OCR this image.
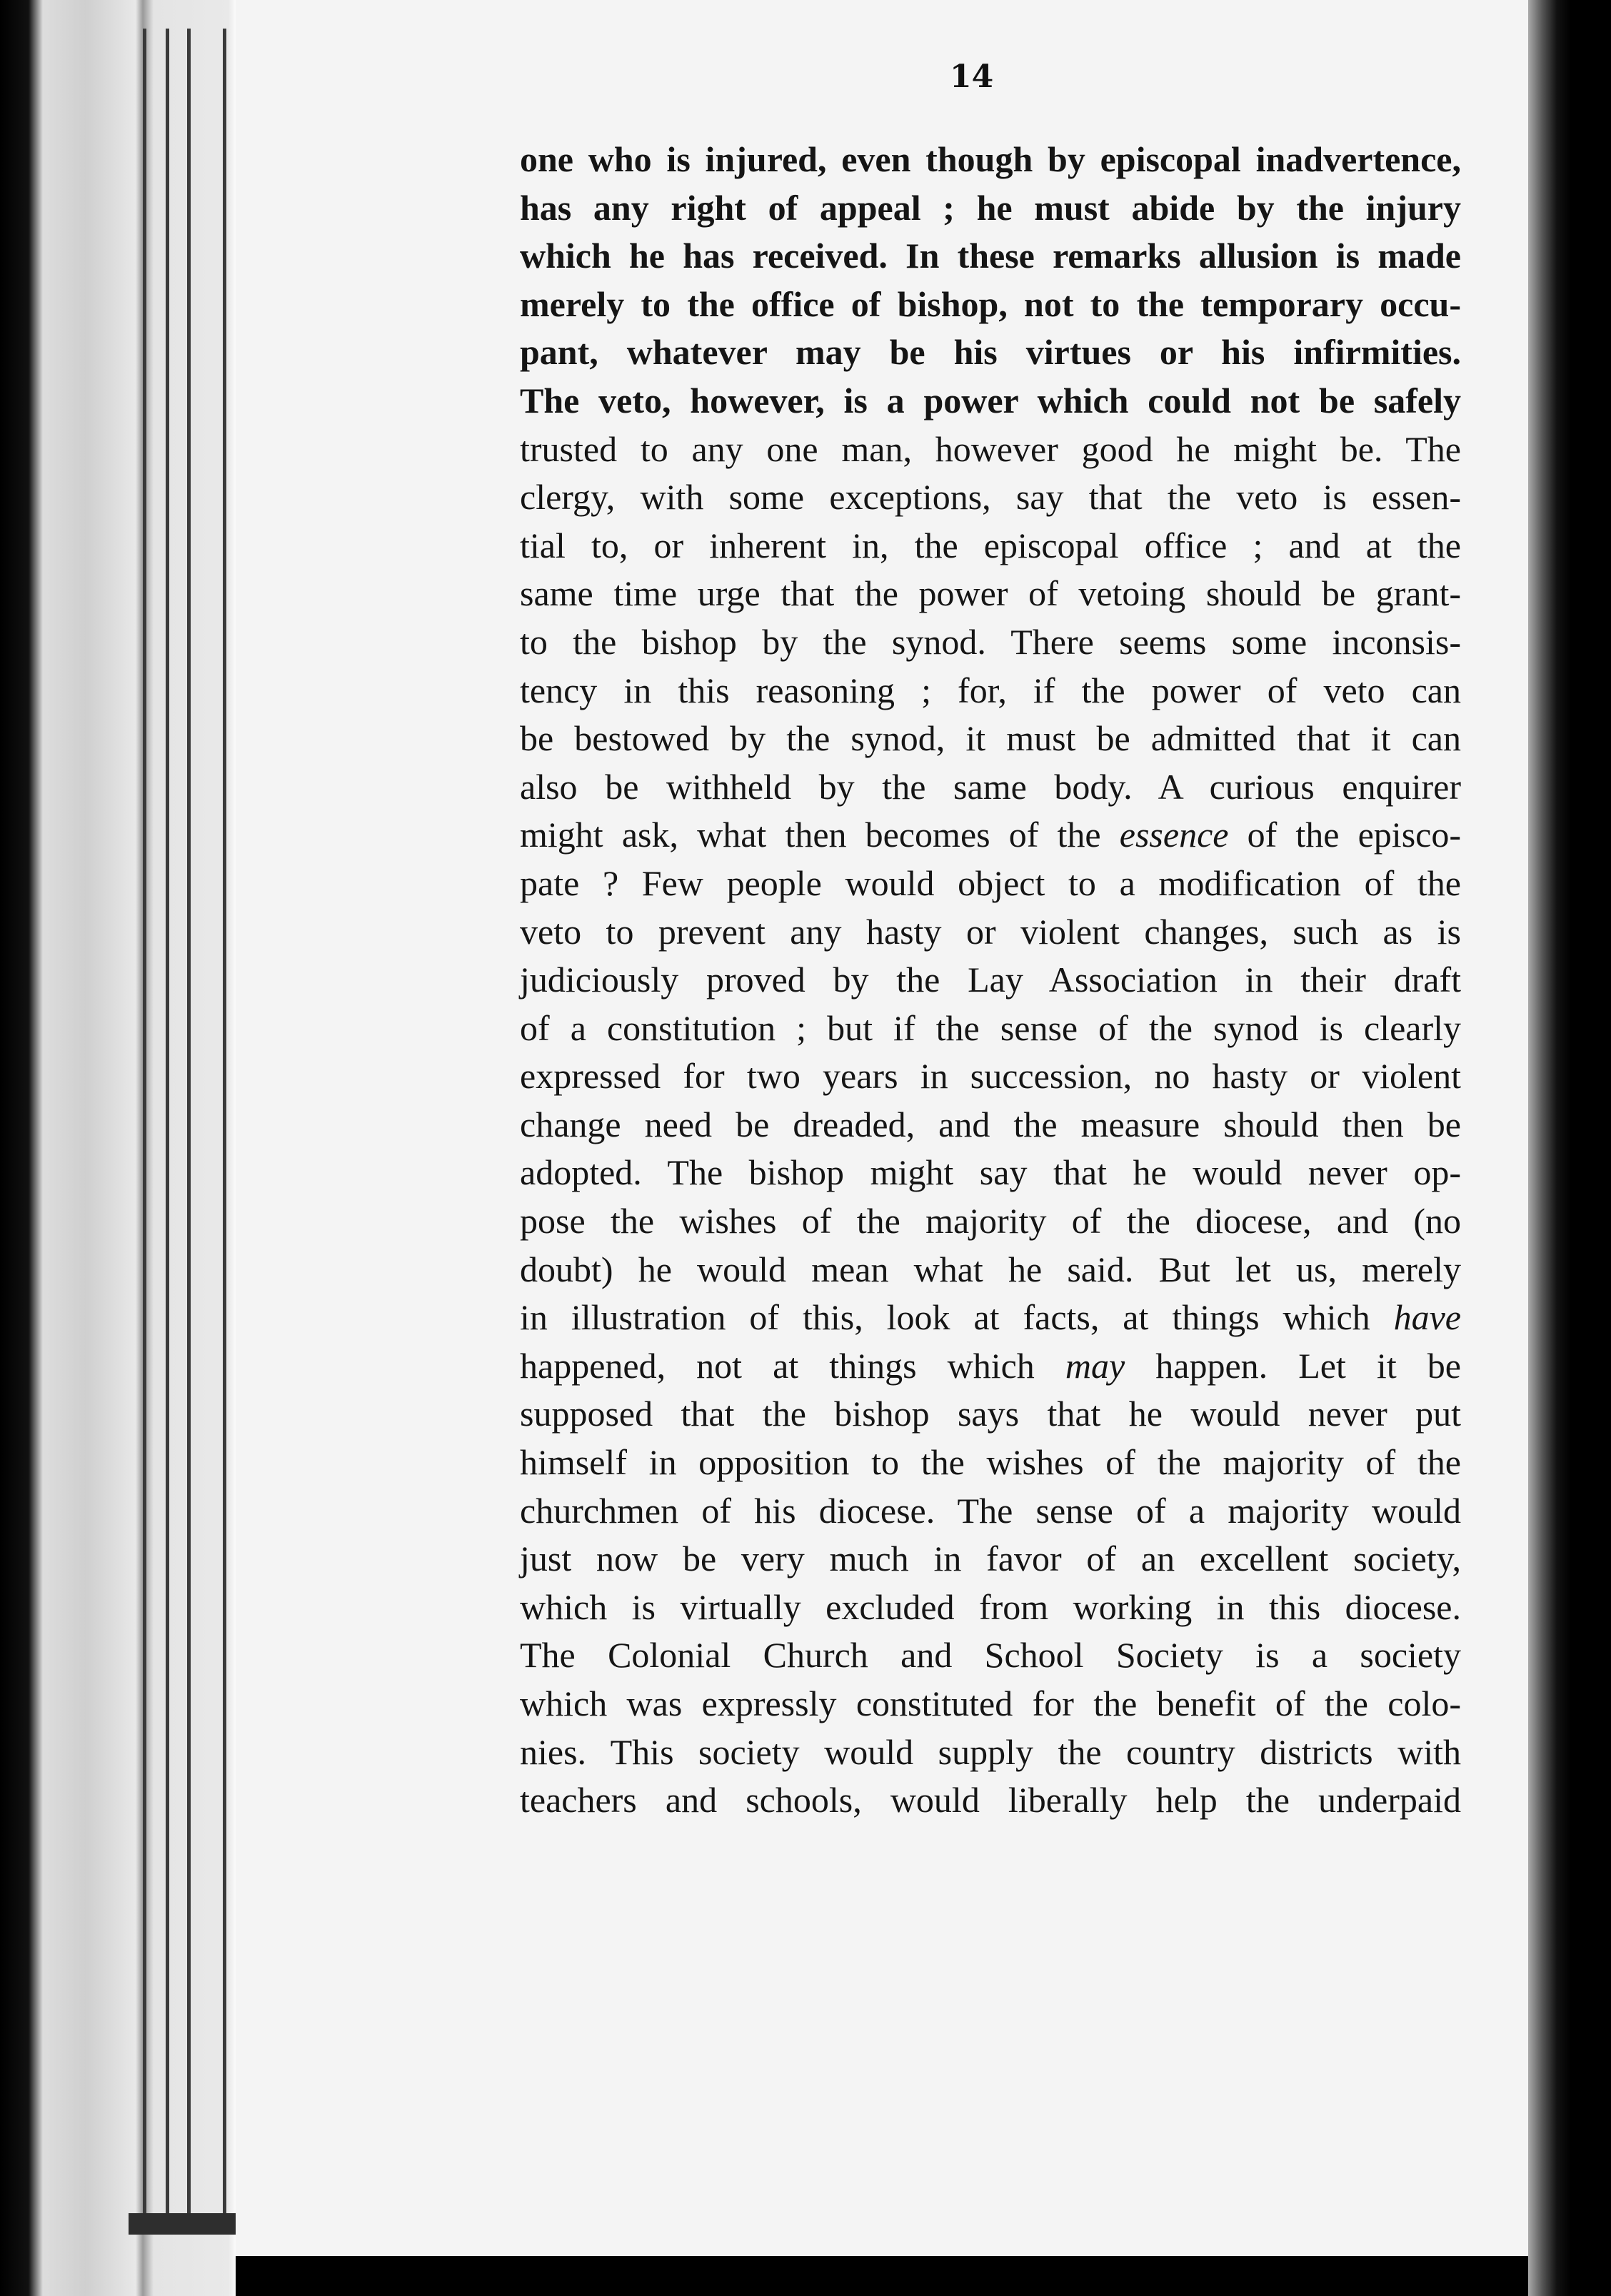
14
one who is injured, even though by episcopal inadvertence,
has any right of appeal ; he must abide by the injury
which he has received. In these remarks allusion is made
merely to the office of bishop, not to the temporary occu-
pant, whatever may be his virtues or his infirmities.
The veto, however, is a power which could not be safely
trusted to any one man, however good he might be. The
clergy, with some exceptions, say that the veto is essen-
tial to, or inherent in, the episcopal office ; and at the
same time urge that the power of vetoing should be grant-
to the bishop by the synod. There seems some inconsis-
tency in this reasoning ; for, if the power of veto can
be bestowed by the synod, it must be admitted that it can
also be withheld by the same body. A curious enquirer
might ask, what then becomes of the essence of the episco-
pate ? Few people would object to a modification of the
veto to prevent any hasty or violent changes, such as is
judiciously proved by the Lay Association in their draft
of a constitution ; but if the sense of the synod is clearly
expressed for two years in succession, no hasty or violent
change need be dreaded, and the measure should then be
adopted. The bishop might say that he would never op-
pose the wishes of the majority of the diocese, and (no
doubt) he would mean what he said. But let us, merely
in illustration of this, look at facts, at things which have
happened, not at things which may happen. Let it be
supposed that the bishop says that he would never put
himself in opposition to the wishes of the majority of the
churchmen of his diocese. The sense of a majority would
just now be very much in favor of an excellent society,
which is virtually excluded from working in this diocese.
The Colonial Church and School Society is a society
which was expressly constituted for the benefit of the colo-
nies. This society would supply the country districts with
teachers and schools, would liberally help the underpaid
